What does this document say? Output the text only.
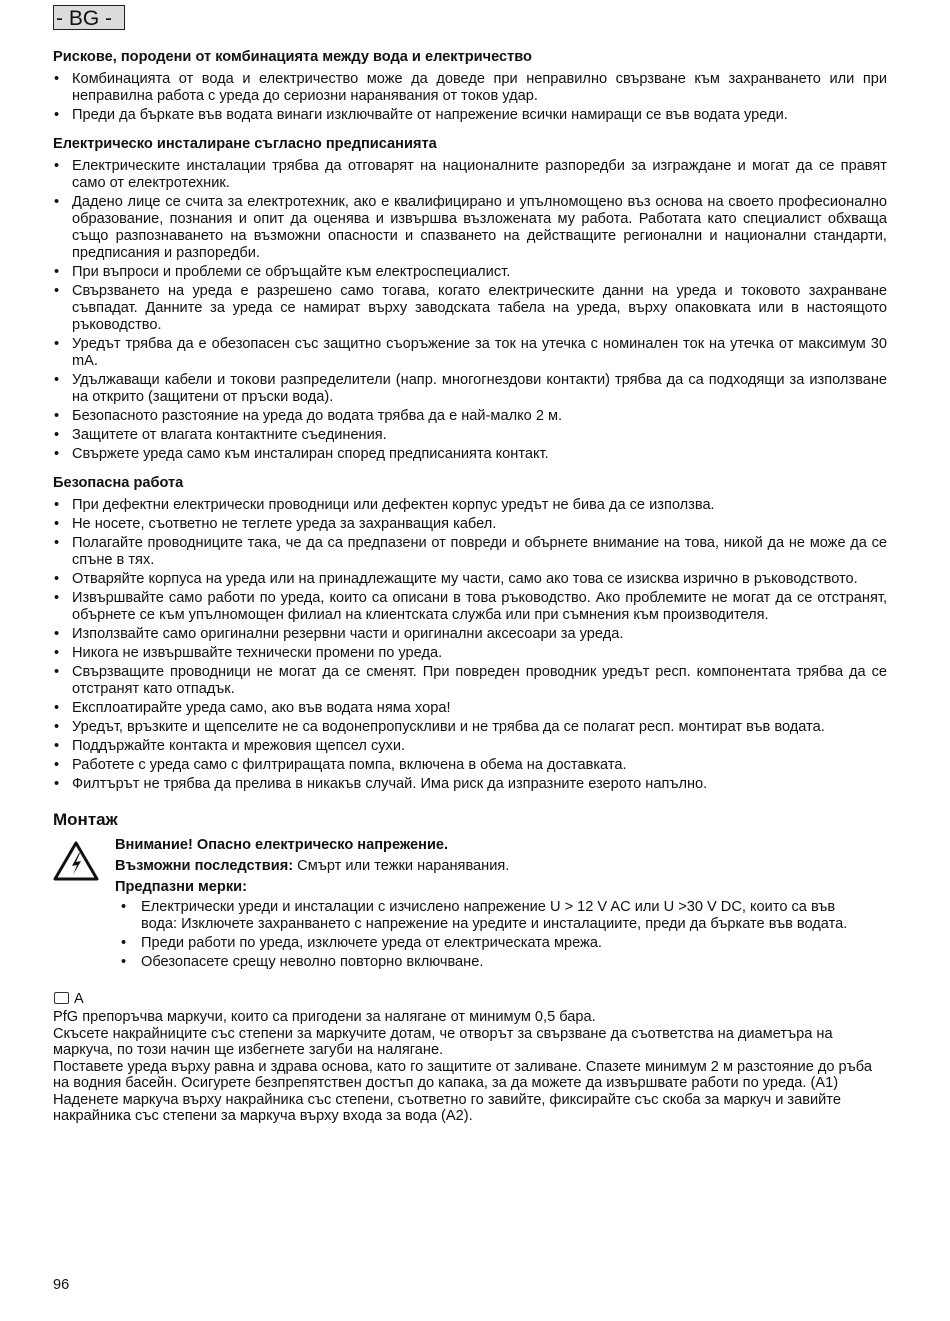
- BG -
Рискове, породени от комбинацията между вода и електричество
• Комбинацията от вода и електричество може да доведе при неправилно свързване към захранването или при неправилна работа с уреда до сериозни наранявания от токов удар.
• Преди да бъркате във водата винаги изключвайте от напрежение всички намиращи се във водата уреди.
Електрическо инсталиране съгласно предписанията
• Електрическите инсталации трябва да отговарят на националните разпоредби за изграждане и могат да се правят само от електротехник.
• Дадено лице се счита за електротехник, ако е квалифицирано и упълномощено въз основа на своето професионално образование, познания и опит да оценява и извършва възложената му работа. Работата като специалист обхваща също разпознаването на възможни опасности и спазването на действащите регионални и национални стандарти, предписания и разпоредби.
• При въпроси и проблеми се обръщайте към електроспециалист.
• Свързването на уреда е разрешено само тогава, когато електрическите данни на уреда и токовото захранване съвпадат. Данните за уреда се намират върху заводската табела на уреда, върху опаковката или в настоящото ръководство.
• Уредът трябва да е обезопасен със защитно съоръжение за ток на утечка с номинален ток на утечка от максимум 30 mA.
• Удължаващи кабели и токови разпределители (напр. многогнездови контакти) трябва да са подходящи за използване на открито (защитени от пръски вода).
• Безопасното разстояние на уреда до водата трябва да е най-малко 2 м.
• Защитете от влагата контактните съединения.
• Свържете уреда само към инсталиран според предписанията контакт.
Безопасна работа
• При дефектни електрически проводници или дефектен корпус уредът не бива да се използва.
• Не носете, съответно не теглете уреда за захранващия кабел.
• Полагайте проводниците така, че да са предпазени от повреди и обърнете внимание на това, никой да не може да се спъне в тях.
• Отваряйте корпуса на уреда или на принадлежащите му части, само ако това се изисква изрично в ръководството.
• Извършвайте само работи по уреда, които са описани в това ръководство. Ако проблемите не могат да се отстранят, обърнете се към упълномощен филиал на клиентската служба или при съмнения към производителя.
• Използвайте само оригинални резервни части и оригинални аксесоари за уреда.
• Никога не извършвайте технически промени по уреда.
• Свързващите проводници не могат да се сменят. При повреден проводник уредът респ. компонентата трябва да се отстранят като отпадък.
• Експлоатирайте уреда само, ако във водата няма хора!
• Уредът, връзките и щепселите не са водонепропускливи и не трябва да се полагат респ. монтират във водата.
• Поддържайте контакта и мрежовия щепсел сухи.
• Работете с уреда само с филтриращата помпа, включена в обема на доставката.
• Филтърът не трябва да прелива в никакъв случай. Има риск да изпразните езерото напълно.
Монтаж

Внимание! Опасно електрическо напрежение.

Възможни последствия: Смърт или тежки наранявания.

Предпазни мерки:

• Електрически уреди и инсталации с изчислено напрежение U > 12 V AC или U >30 V DC, които са във вода: Изключете захранването с напрежение на уредите и инсталациите, преди да бъркате във водата.
• Преди работи по уреда, изключете уреда от електрическата мрежа.
• Обезопасете срещу неволно повторно включване.
A

PfG препоръчва маркучи, които са пригодени за налягане от минимум 0,5 бара.

Скъсете накрайниците със степени за маркучите дотам, че отворът за свързване да съответства на диаметъра на маркуча, по този начин ще избегнете загуби на налягане.

Поставете уреда върху равна и здрава основа, като го защитите от заливане. Спазете минимум 2 м разстояние до ръба на водния басейн. Осигурете безпрепятствен достъп до капака, за да можете да извършвате работи по уреда. (A1)

Наденете маркуча върху накрайника със степени, съответно го завийте, фиксирайте със скоба за маркуч и завийте накрайника със степени за маркуча върху входа за вода (A2).

96
